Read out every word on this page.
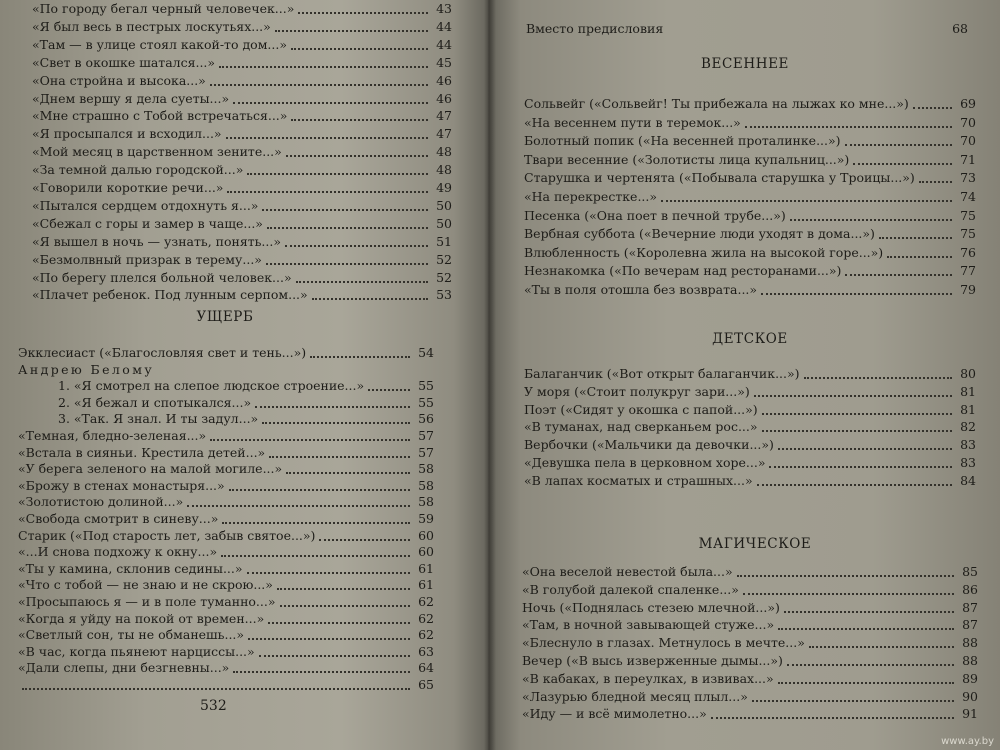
«По городу бегал черный человечек...»	43
«Я был весь в пестрых лоскутьях...»	44
«Там — в улице стоял какой-то дом...»	44
«Свет в окошке шатался...»	45
«Она стройна и высока...»	46
«Днем вершу я дела суеты...»	46
«Мне страшно с Тобой встречаться...»	47
«Я просыпался и всходил...»	47
«Мой месяц в царственном зените...»	48
«За темной далью городской...»	48
«Говорили короткие речи...»	49
«Пытался сердцем отдохнуть я...»	50
«Сбежал с горы и замер в чаще...»	50
«Я вышел в ночь — узнать, понять...»	51
«Безмолвный призрак в терему...»	52
«По берегу плелся больной человек...»	52
«Плачет ребенок. Под лунным серпом...»	53
УЩЕРБ
Экклесиаст («Благословляя свет и тень...»)	54
Андрею Белому
1. «Я смотрел на слепое людское строение...»	55
2. «Я бежал и спотыкался...»	55
3. «Так. Я знал. И ты задул...»	56
«Темная, бледно-зеленая...»	57
«Встала в сияньи. Крестила детей...»	57
«У берега зеленого на малой могиле...»	58
«Брожу в стенах монастыря...»	58
«Золотистою долиной...»	58
«Свобода смотрит в синеву...»	59
Старик («Под старость лет, забыв святое...»)	60
«...И снова подхожу к окну...»	60
«Ты у камина, склонив седины...»	61
«Что с тобой — не знаю и не скрою...»	61
«Просыпаюсь я — и в поле туманно...»	62
«Когда я уйду на покой от времен...»	62
«Светлый сон, ты не обманешь...»	62
«В час, когда пьянеют нарциссы...»	63
«Дали слепы, дни безгневны...»	64
65
532
Вместо предисловия	68
ВЕСЕННЕЕ
Сольвейг («Сольвейг! Ты прибежала на лыжах ко мне...»)	69
«На весеннем пути в теремок...»	70
Болотный попик («На весенней проталинке...»)	70
Твари весенние («Золотисты лица купальниц...»)	71
Старушка и чертенята («Побывала старушка у Троицы...»)	73
«На перекрестке...»	74
Песенка («Она поет в печной трубе...»)	75
Вербная суббота («Вечерние люди уходят в дома...»)	75
Влюбленность («Королевна жила на высокой горе...»)	76
Незнакомка («По вечерам над ресторанами...»)	77
«Ты в поля отошла без возврата...»	79
ДЕТСКОЕ
Балаганчик («Вот открыт балаганчик...»)	80
У моря («Стоит полукруг зари...»)	81
Поэт («Сидят у окошка с папой...»)	81
«В туманах, над сверканьем рос...»	82
Вербочки («Мальчики да девочки...»)	83
«Девушка пела в церковном хоре...»	83
«В лапах косматых и страшных...»	84
МАГИЧЕСКОЕ
«Она веселой невестой была...»	85
«В голубой далекой спаленке...»	86
Ночь («Поднялась стезею млечной...»)	87
«Там, в ночной завывающей стуже...»	87
«Блеснуло в глазах. Метнулось в мечте...»	88
Вечер («В высь изверженные дымы...»)	88
«В кабаках, в переулках, в извивах...»	89
«Лазурью бледной месяц плыл...»	90
«Иду — и всё мимолетно...»	91
www.ay.by
